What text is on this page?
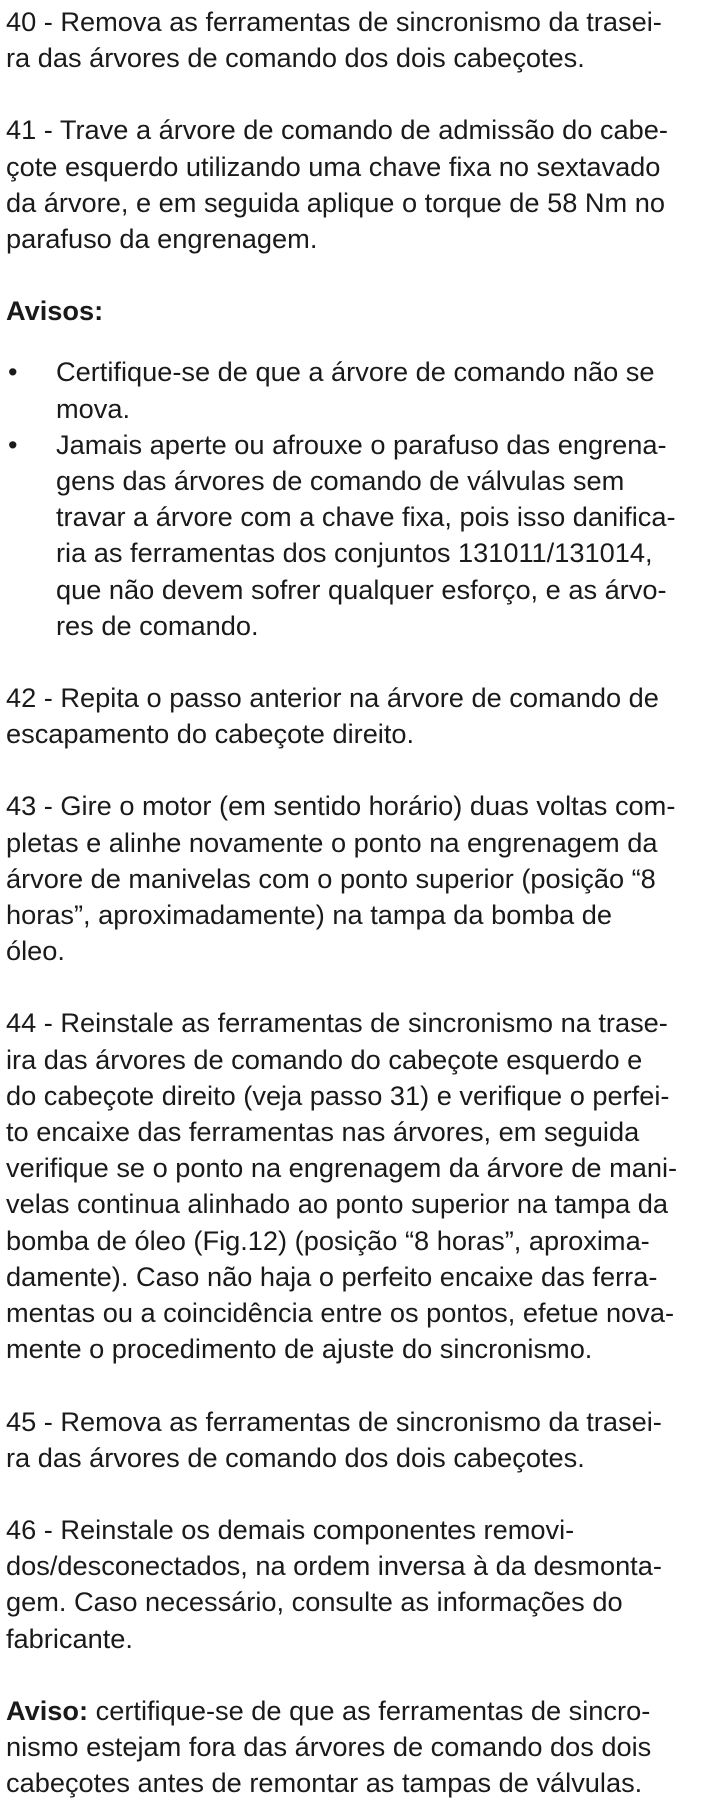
40 - Remova as ferramentas de sincronismo da trasei-
ra das árvores de comando dos dois cabeçotes.

41 - Trave a árvore de comando de admissão do cabe-
çote esquerdo utilizando uma chave fixa no sextavado
da árvore, e em seguida aplique o torque de 58 Nm no
parafuso da engrenagem.

Avisos:

•	Certifique-se de que a árvore de comando não se
mova.
•	Jamais aperte ou afrouxe o parafuso das engrena-
gens das árvores de comando de válvulas sem
travar a árvore com a chave fixa, pois isso danifica-
ria as ferramentas dos conjuntos 131011/131014,
que não devem sofrer qualquer esforço, e as árvo-
res de comando.

42 - Repita o passo anterior na árvore de comando de
escapamento do cabeçote direito.

43 - Gire o motor (em sentido horário) duas voltas com-
pletas e alinhe novamente o ponto na engrenagem da
árvore de manivelas com o ponto superior (posição “8
horas”, aproximadamente) na tampa da bomba de
óleo.

44 - Reinstale as ferramentas de sincronismo na trase-
ira das árvores de comando do cabeçote esquerdo e
do cabeçote direito (veja passo 31) e verifique o perfei-
to encaixe das ferramentas nas árvores, em seguida
verifique se o ponto na engrenagem da árvore de mani-
velas continua alinhado ao ponto superior na tampa da
bomba de óleo (Fig.12) (posição “8 horas”, aproxima-
damente). Caso não haja o perfeito encaixe das ferra-
mentas ou a coincidência entre os pontos, efetue nova-
mente o procedimento de ajuste do sincronismo.

45 - Remova as ferramentas de sincronismo da trasei-
ra das árvores de comando dos dois cabeçotes.

46 - Reinstale os demais componentes removi-
dos/desconectados, na ordem inversa à da desmonta-
gem. Caso necessário, consulte as informações do
fabricante.

Aviso: certifique-se de que as ferramentas de sincro-
nismo estejam fora das árvores de comando dos dois
cabeçotes antes de remontar as tampas de válvulas.
